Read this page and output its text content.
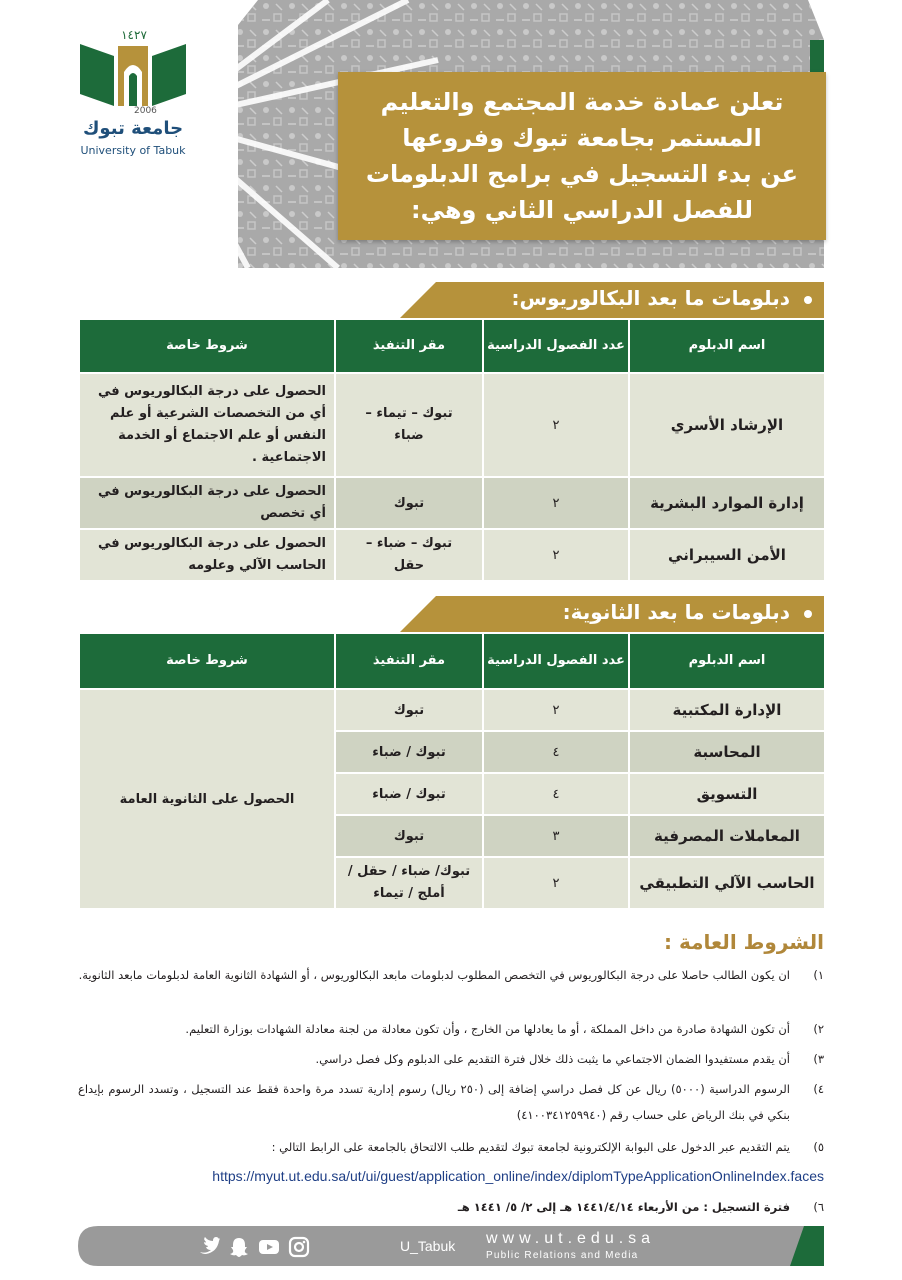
١٤٢٧
2006
جامعة تبوك
University of Tabuk

تعلن عمادة خدمة المجتمع والتعليم
المستمر بجامعة تبوك وفروعها
عن بدء التسجيل في برامج الدبلومات
للفصل الدراسي الثاني وهي:

دبلومات ما بعد البكالوريوس:
اسم الدبلوم	عدد الفصول الدراسية	مقر التنفيذ	شروط خاصة
الإرشاد الأسري	٢	تبوك – تيماء – ضباء	الحصول على درجة البكالوريوس في أي من التخصصات الشرعية أو علم النفس أو علم الاجتماع أو الخدمة الاجتماعية .
إدارة الموارد البشرية	٢	تبوك	الحصول على درجة البكالوريوس في أي تخصص
الأمن السيبراني	٢	تبوك – ضباء – حقل	الحصول على درجة البكالوريوس في الحاسب الآلي وعلومه
دبلومات ما بعد الثانوية:
اسم الدبلوم	عدد الفصول الدراسية	مقر التنفيذ	شروط خاصة
الإدارة المكتبية	٢	تبوك	الحصول على الثانوية العامة
المحاسبة	٤	تبوك / ضباء	
التسويق	٤	تبوك / ضباء	
المعاملات المصرفية	٣	تبوك	
الحاسب الآلي التطبيقي	٢	تبوك/ ضباء / حقل / أملج / تيماء	
الشروط العامة :
١)
ان يكون الطالب حاصلا على درجة البكالوريوس في التخصص المطلوب لدبلومات مابعد البكالوريوس ، أو الشهادة الثانوية العامة لدبلومات مابعد الثانوية.
٢)
أن تكون الشهادة صادرة من داخل المملكة ، أو ما يعادلها من الخارج ، وأن تكون معادلة من لجنة معادلة الشهادات بوزارة التعليم.
٣)
أن يقدم مستفيدوا الضمان الاجتماعي ما يثبت ذلك خلال فترة التقديم على الدبلوم وكل فصل دراسي.
٤)
الرسوم الدراسية (٥٠٠٠) ريال عن كل فصل دراسي إضافة إلى (٢٥٠ ريال) رسوم إدارية تسدد مرة واحدة فقط عند التسجيل ، وتسدد الرسوم بإيداع بنكي في بنك الرياض على حساب رقم (٤١٠٠٣٤١٢٥٩٩٤٠)
٥)
يتم التقديم عبر الدخول على البوابة الإلكترونية لجامعة تبوك لتقديم طلب الالتحاق بالجامعة على الرابط التالي :
https://myut.ut.edu.sa/ut/ui/guest/application_online/index/diplomTypeApplicationOnlineIndex.faces
٦)
فترة التسجيل : من الأربعاء ١٤٤١/٤/١٤ هـ إلى ٢/ ٥/ ١٤٤١ هـ
U_Tabuk www.ut.edu.sa
Public Relations and Media
